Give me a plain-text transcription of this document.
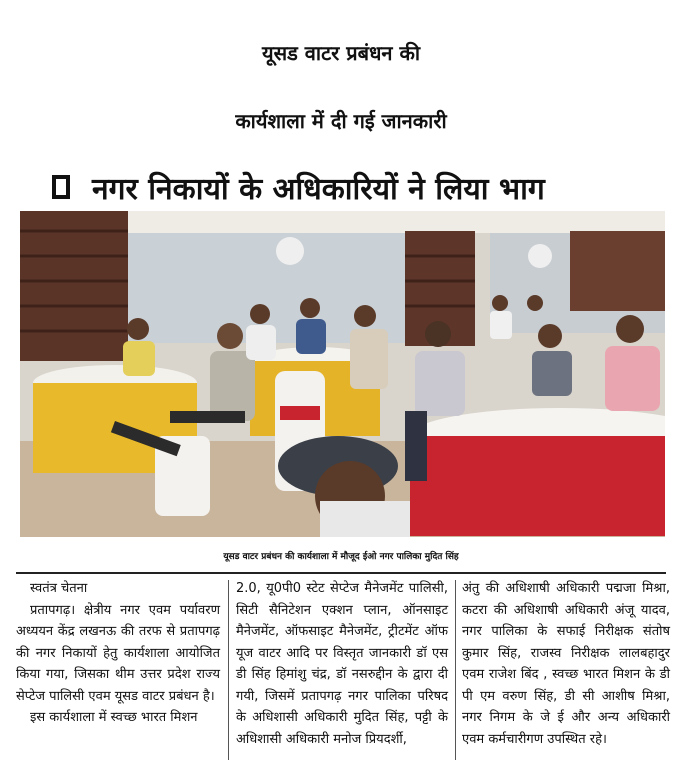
यूसड वाटर प्रबंधन की
कार्यशाला में दी गई जानकारी
नगर निकायों के अधिकारियों ने लिया भाग
यूसड वाटर प्रबंधन की कार्यशाला में मौजूद ईओ नगर पालिका मुदित सिंह

स्वतंत्र चेतना

प्रतापगढ़। क्षेत्रीय नगर एवम पर्यावरण अध्ययन केंद्र लखनऊ की तरफ से प्रतापगढ़ की नगर निकायों हेतु कार्यशाला आयोजित किया गया, जिसका थीम उत्तर प्रदेश राज्य सेप्टेज पालिसी एवम यूसड वाटर प्रबंधन है।

इस कार्यशाला में स्वच्छ भारत मिशन

2.0, यू0पी0 स्टेट सेप्टेज मैनेजमेंट पालिसी, सिटी सैनिटेशन एक्शन प्लान, ऑनसाइट मैनेजमेंट, ऑफसाइट मैनेजमेंट, ट्रीटमेंट ऑफ यूज वाटर आदि पर विस्तृत जानकारी डॉ एस डी सिंह हिमांशु चंद्र, डॉ नसरुद्दीन के द्वारा दी गयी, जिसमें प्रतापगढ़ नगर पालिका परिषद के अधिशासी अधिकारी मुदित सिंह, पट्टी के अधिशासी अधिकारी मनोज प्रियदर्शी,

अंतु की अधिशाषी अधिकारी पद्मजा मिश्रा, कटरा की अधिशाषी अधिकारी अंजू यादव, नगर पालिका के सफाई निरीक्षक संतोष कुमार सिंह, राजस्व निरीक्षक लालबहादुर एवम राजेश बिंद , स्वच्छ भारत मिशन के डी पी एम वरुण सिंह, डी सी आशीष मिश्रा, नगर निगम के जे ई और अन्य अधिकारी एवम कर्मचारीगण उपस्थित रहे।
